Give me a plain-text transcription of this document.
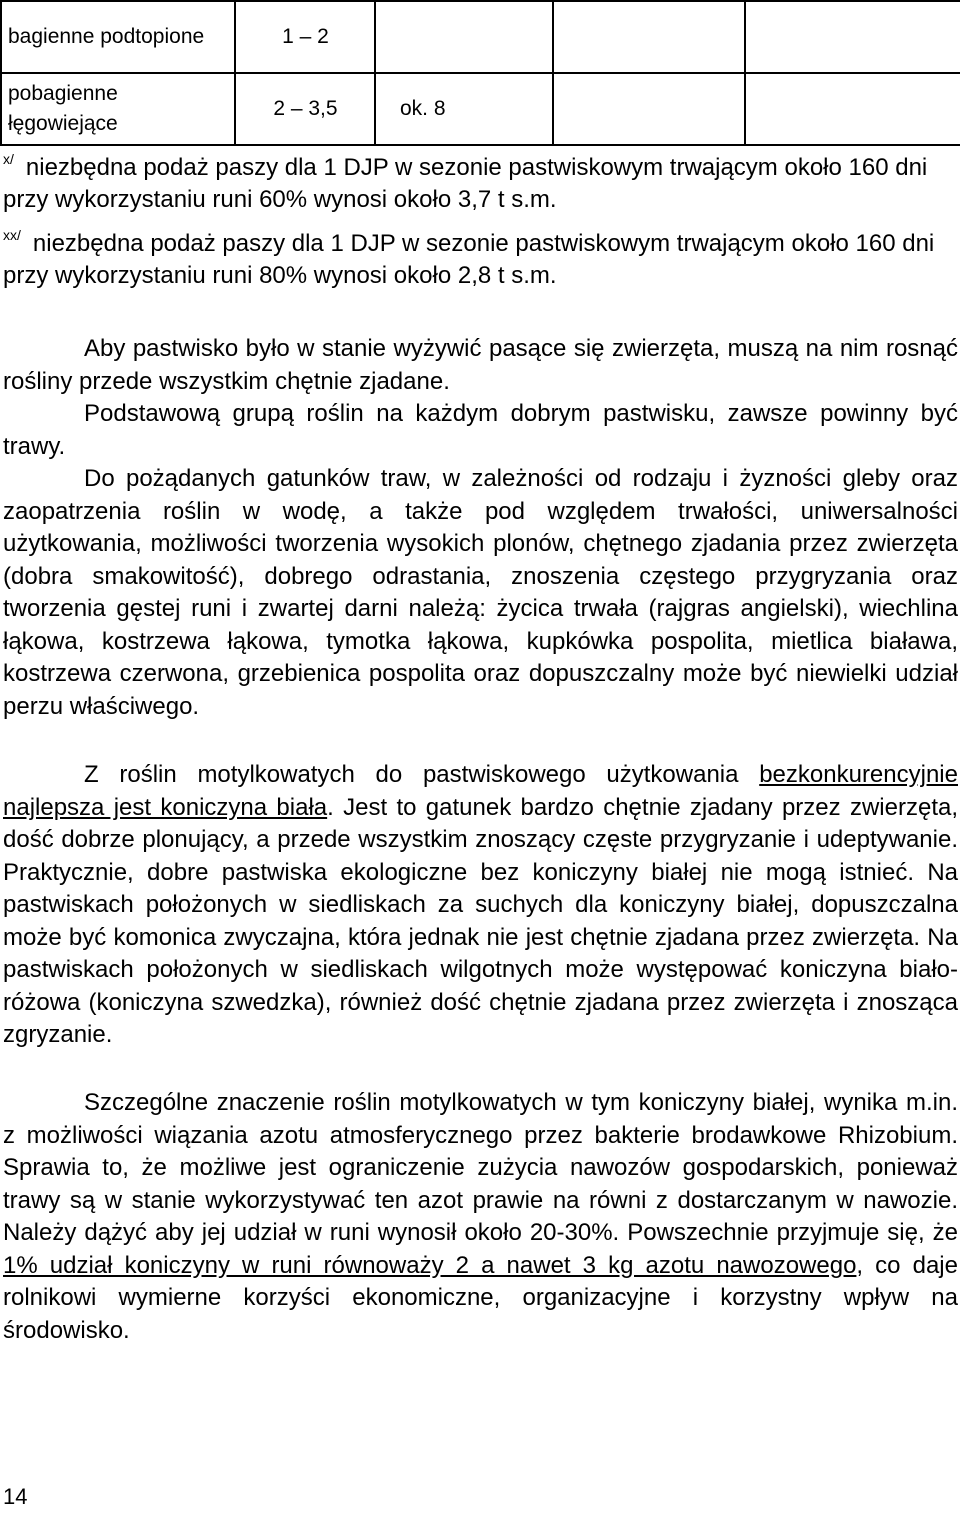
bagienne podtopione	1 – 2			
pobagienne łęgowiejące	2 – 3,5	ok. 8		

$^{x/}$ niezbędna podaż paszy dla 1 DJP w sezonie pastwiskowym trwającym około 160 dni przy wykorzystaniu runi 60% wynosi około 3,7 t s.m.

$^{xx/}$ niezbędna podaż paszy dla 1 DJP w sezonie pastwiskowym trwającym około 160 dni przy wykorzystaniu runi 80% wynosi około 2,8 t s.m.

Aby pastwisko było w stanie wyżywić pasące się zwierzęta, muszą na nim rosnąć rośliny przede wszystkim chętnie zjadane.

Podstawową grupą roślin na każdym dobrym pastwisku, zawsze powinny być trawy.

Do pożądanych gatunków traw, w zależności od rodzaju i żyzności gleby oraz zaopatrzenia roślin w wodę, a także pod względem trwałości, uniwersalności użytkowania, możliwości tworzenia wysokich plonów, chętnego zjadania przez zwierzęta (dobra smakowitość), dobrego odrastania, znoszenia częstego przygryzania oraz tworzenia gęstej runi i zwartej darni należą: życica trwała (rajgras angielski), wiechlina łąkowa, kostrzewa łąkowa, tymotka łąkowa, kupkówka pospolita, mietlica biaława, kostrzewa czerwona, grzebienica pospolita oraz dopuszczalny może być niewielki udział perzu właściwego.

Z roślin motylkowatych do pastwiskowego użytkowania bezkonkurencyjnie najlepsza jest koniczyna biała. Jest to gatunek bardzo chętnie zjadany przez zwierzęta, dość dobrze plonujący, a przede wszystkim znoszący częste przygryzanie i udeptywanie. Praktycznie, dobre pastwiska ekologiczne bez koniczyny białej nie mogą istnieć. Na pastwiskach położonych w siedliskach za suchych dla koniczyny białej, dopuszczalna może być komonica zwyczajna, która jednak nie jest chętnie zjadana przez zwierzęta. Na pastwiskach położonych w siedliskach wilgotnych może występować koniczyna biało-różowa (koniczyna szwedzka), również dość chętnie zjadana przez zwierzęta i znosząca zgryzanie.

Szczególne znaczenie roślin motylkowatych w tym koniczyny białej, wynika m.in. z możliwości wiązania azotu atmosferycznego przez bakterie brodawkowe Rhizobium. Sprawia to, że możliwe jest ograniczenie zużycia nawozów gospodarskich, ponieważ trawy są w stanie wykorzystywać ten azot prawie na równi z dostarczanym w nawozie. Należy dążyć aby jej udział w runi wynosił około 20-30%. Powszechnie przyjmuje się, że 1% udział koniczyny w runi równoważy 2 a nawet 3 kg azotu nawozowego, co daje rolnikowi wymierne korzyści ekonomiczne, organizacyjne i korzystny wpływ na środowisko.

14
